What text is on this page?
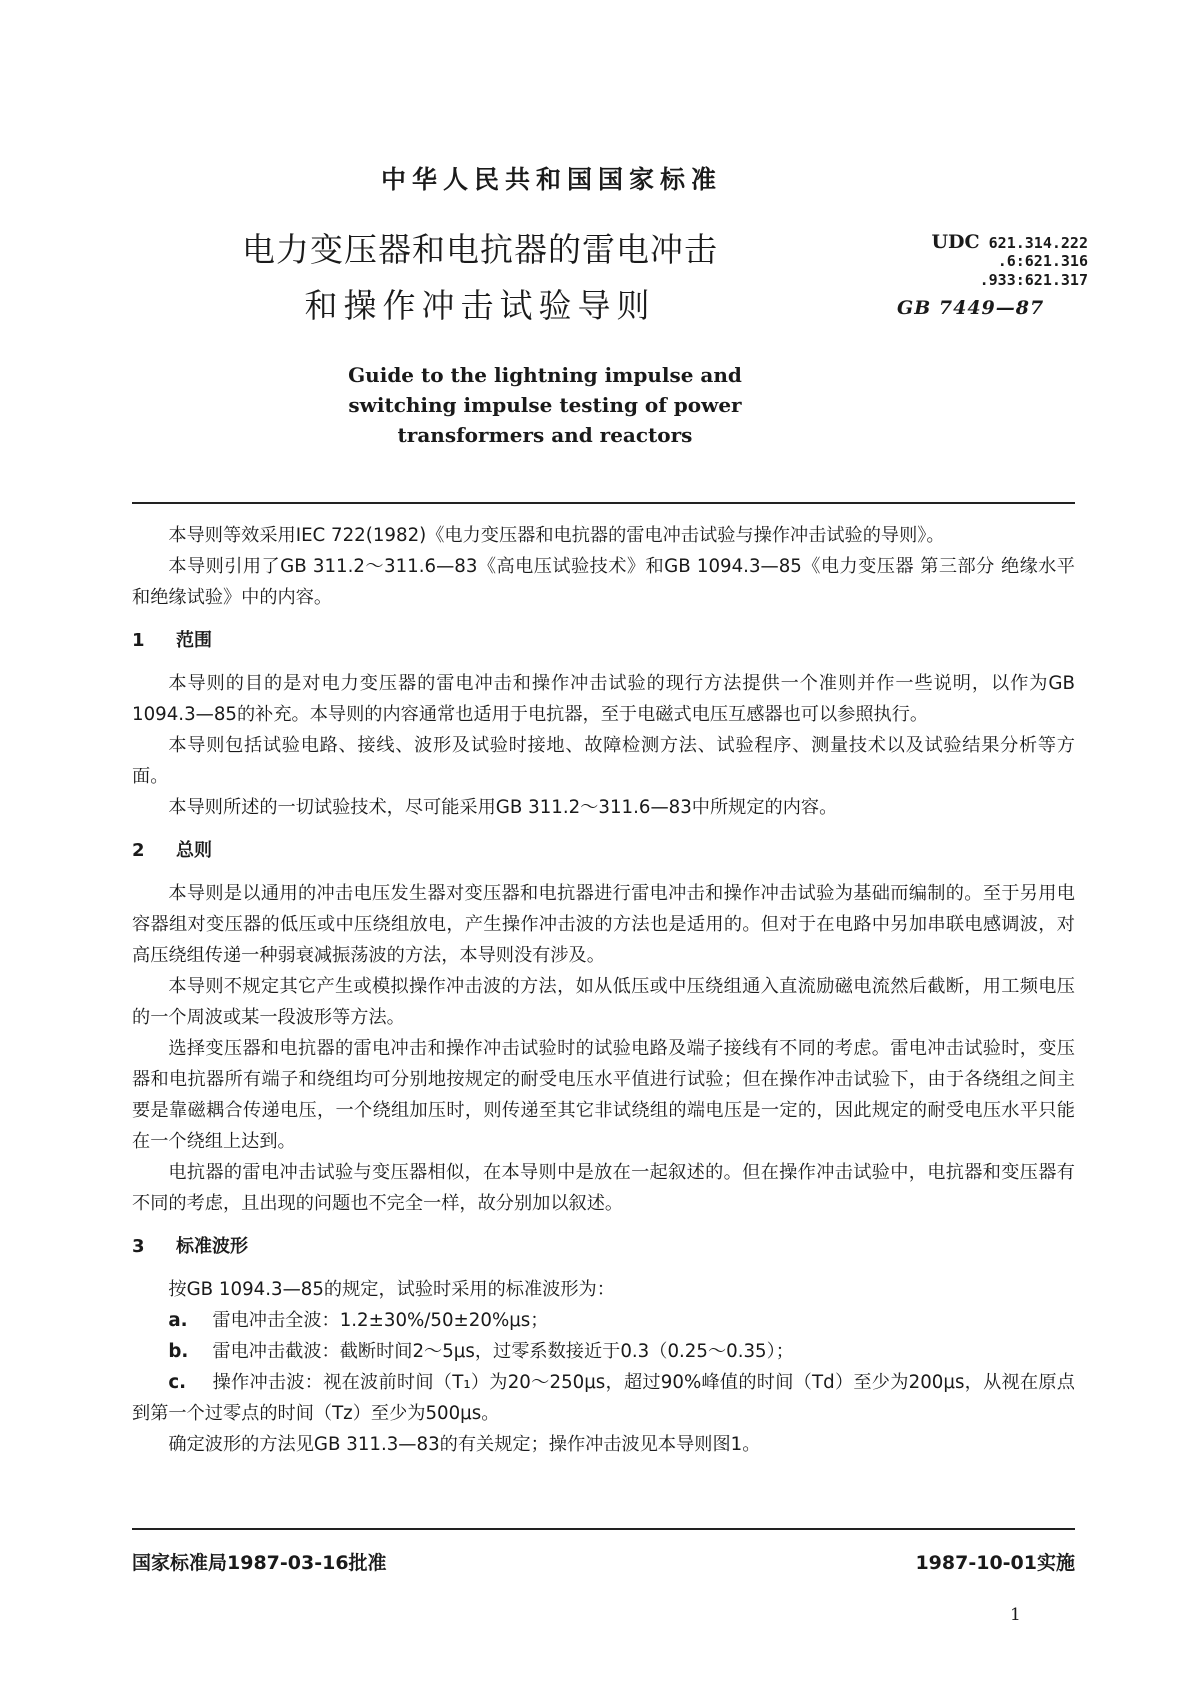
中华人民共和国国家标准
电力变压器和电抗器的雷电冲击
和操作冲击试验导则
UDC 621.314.222
.6:621.316
.933:621.317
GB 7449—87
Guide to the lightning impulse and
switching impulse testing of power
transformers and reactors

本导则等效采用IEC 722(1982)《电力变压器和电抗器的雷电冲击试验与操作冲击试验的导则》。

本导则引用了GB 311.2～311.6—83《高电压试验技术》和GB 1094.3—85《电力变压器 第三部分 绝缘水平和绝缘试验》中的内容。

1 范围

本导则的目的是对电力变压器的雷电冲击和操作冲击试验的现行方法提供一个准则并作一些说明，以作为GB 1094.3—85的补充。本导则的内容通常也适用于电抗器，至于电磁式电压互感器也可以参照执行。

本导则包括试验电路、接线、波形及试验时接地、故障检测方法、试验程序、测量技术以及试验结果分析等方面。

本导则所述的一切试验技术，尽可能采用GB 311.2～311.6—83中所规定的内容。

2 总则

本导则是以通用的冲击电压发生器对变压器和电抗器进行雷电冲击和操作冲击试验为基础而编制的。至于另用电容器组对变压器的低压或中压绕组放电，产生操作冲击波的方法也是适用的。但对于在电路中另加串联电感调波，对高压绕组传递一种弱衰减振荡波的方法，本导则没有涉及。

本导则不规定其它产生或模拟操作冲击波的方法，如从低压或中压绕组通入直流励磁电流然后截断，用工频电压的一个周波或某一段波形等方法。

选择变压器和电抗器的雷电冲击和操作冲击试验时的试验电路及端子接线有不同的考虑。雷电冲击试验时，变压器和电抗器所有端子和绕组均可分别地按规定的耐受电压水平值进行试验；但在操作冲击试验下，由于各绕组之间主要是靠磁耦合传递电压，一个绕组加压时，则传递至其它非试绕组的端电压是一定的，因此规定的耐受电压水平只能在一个绕组上达到。

电抗器的雷电冲击试验与变压器相似，在本导则中是放在一起叙述的。但在操作冲击试验中，电抗器和变压器有不同的考虑，且出现的问题也不完全一样，故分别加以叙述。

3 标准波形

按GB 1094.3—85的规定，试验时采用的标准波形为：

a. 雷电冲击全波：1.2±30%/50±20%μs；

b. 雷电冲击截波：截断时间2～5μs，过零系数接近于0.3（0.25～0.35）；

c. 操作冲击波：视在波前时间（T₁）为20～250μs，超过90%峰值的时间（Td）至少为200μs，从视在原点到第一个过零点的时间（Tz）至少为500μs。

确定波形的方法见GB 311.3—83的有关规定；操作冲击波见本导则图1。

国家标准局1987-03-16批准	1987-10-01实施
1
